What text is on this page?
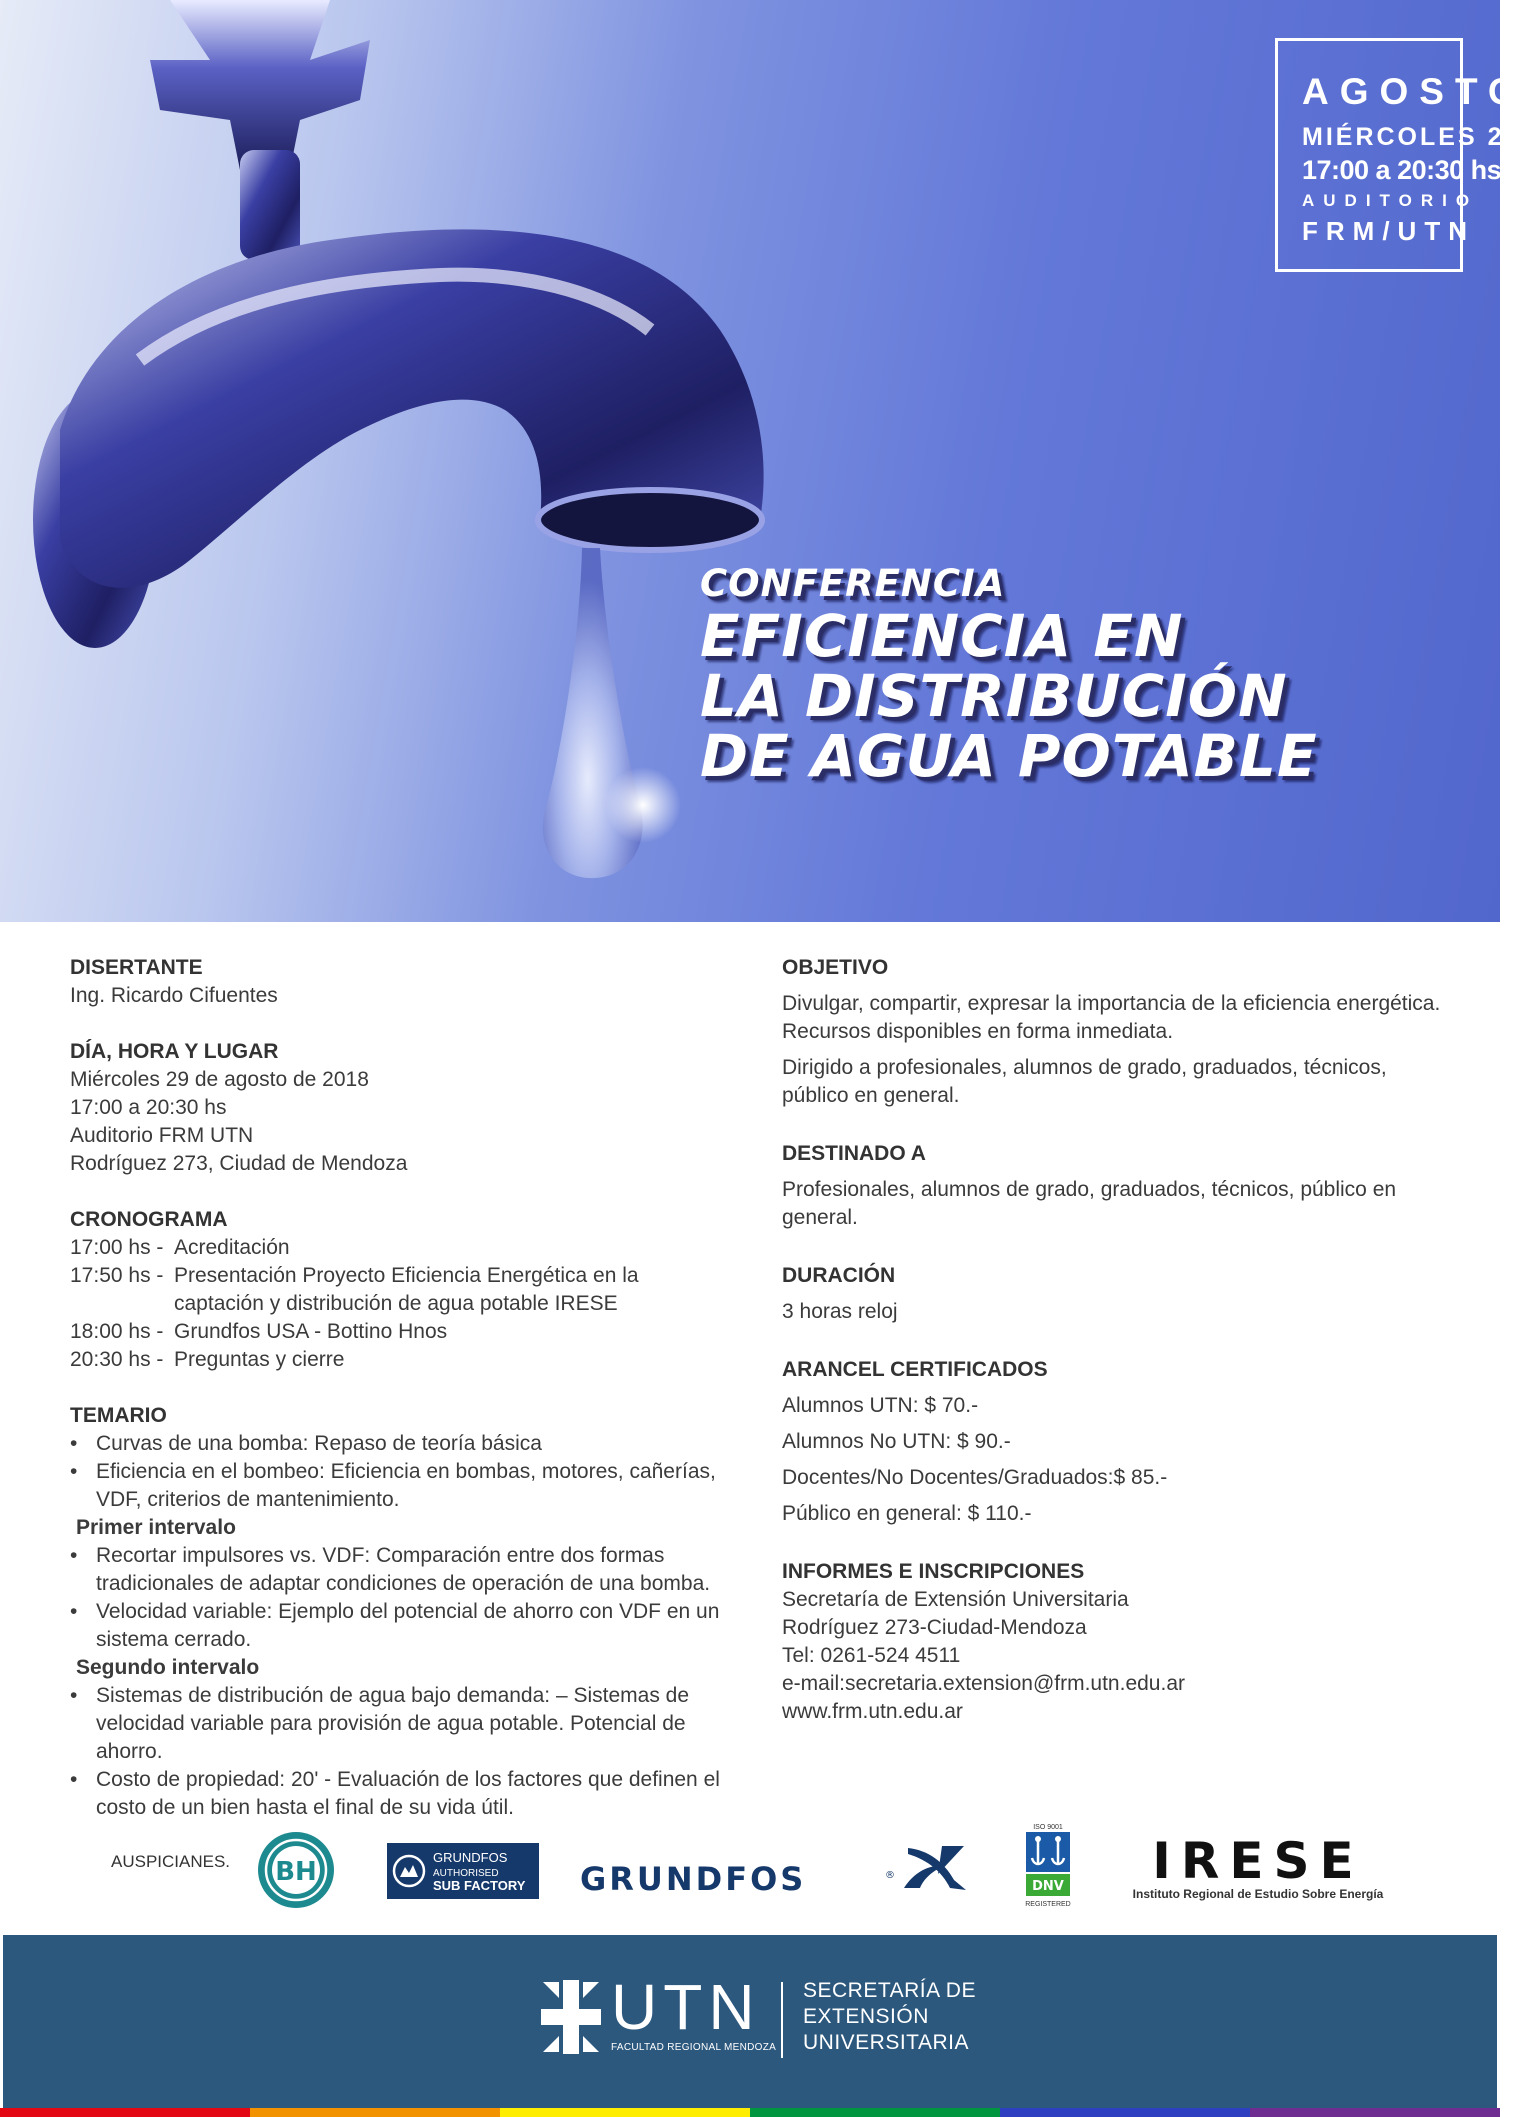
AGOSTO
MIÉRCOLES 29
17:00 a 20:30 hs
AUDITORIO
FRM/UTN
CONFERENCIA
EFICIENCIA EN
LA DISTRIBUCIÓN
DE AGUA POTABLE
DISERTANTE
Ing. Ricardo Cifuentes
DÍA, HORA Y LUGAR
Miércoles 29 de agosto de 2018
17:00 a 20:30 hs
Auditorio FRM UTN
Rodríguez 273, Ciudad de Mendoza
CRONOGRAMA
17:00 hs - Acreditación
17:50 hs - Presentación Proyecto Eficiencia Energética en la captación y distribución de agua potable IRESE
18:00 hs - Grundfos USA - Bottino Hnos
20:30 hs - Preguntas y cierre
TEMARIO
• Curvas de una bomba: Repaso de teoría básica
• Eficiencia en el bombeo: Eficiencia en bombas, motores, cañerías, VDF, criterios de mantenimiento.
Primer intervalo
• Recortar impulsores vs. VDF: Comparación entre dos formas tradicionales de adaptar condiciones de operación de una bomba.
• Velocidad variable: Ejemplo del potencial de ahorro con VDF en un sistema cerrado.
Segundo intervalo
• Sistemas de distribución de agua bajo demanda: – Sistemas de velocidad variable para provisión de agua potable. Potencial de ahorro.
• Costo de propiedad: 20' - Evaluación de los factores que definen el costo de un bien hasta el final de su vida útil.
OBJETIVO
Divulgar, compartir, expresar la importancia de la eficiencia energética. Recursos disponibles en forma inmediata.
Dirigido a profesionales, alumnos de grado, graduados, técnicos, público en general.
DESTINADO A
Profesionales, alumnos de grado, graduados, técnicos, público en general.
DURACIÓN
3 horas reloj
ARANCEL CERTIFICADOS
Alumnos UTN: $ 70.-
Alumnos No UTN: $ 90.-
Docentes/No Docentes/Graduados:$ 85.-
Público en general: $ 110.-
INFORMES E INSCRIPCIONES
Secretaría de Extensión Universitaria
Rodríguez 273-Ciudad-Mendoza
Tel: 0261-524 4511
e-mail:secretaria.extension@frm.utn.edu.ar
www.frm.utn.edu.ar
AUSPICIANES. BH	GRUNDFOS
AUTHORISED
SUB FACTORY GRUNDFOS	®
ISO 9001
DNV
REGISTERED
IRESE
Instituto Regional de Estudio Sobre Energía
UTN
FACULTAD REGIONAL MENDOZA
SECRETARÍA DE
EXTENSIÓN
UNIVERSITARIA
